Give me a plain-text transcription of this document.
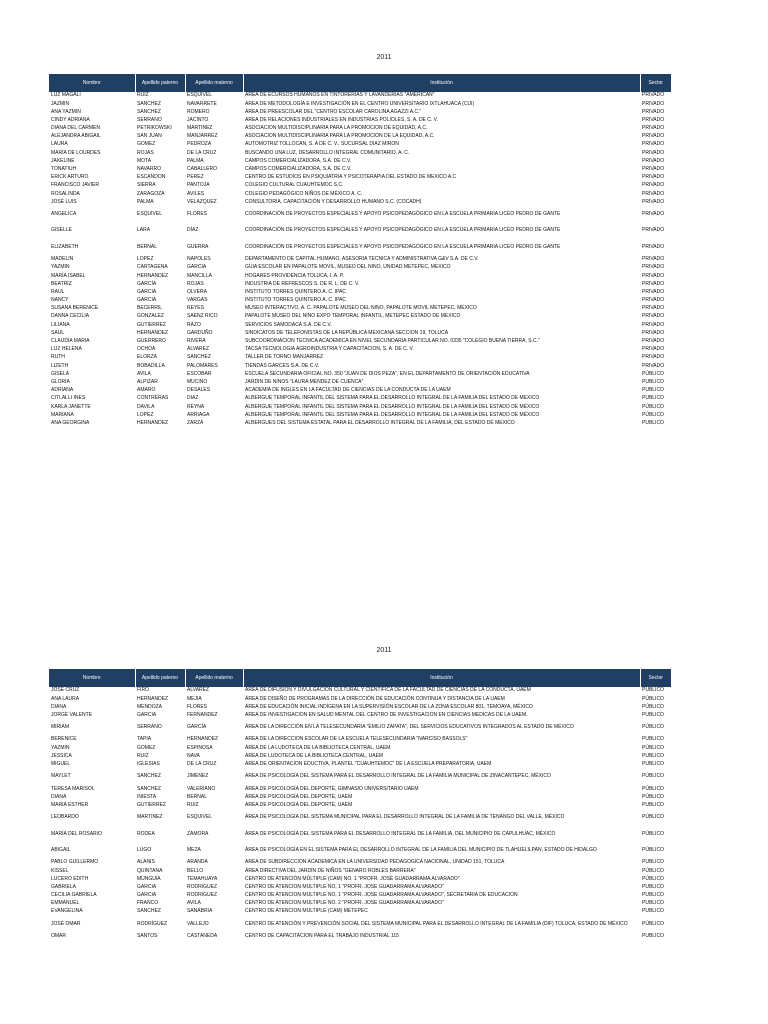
2011
Nombre	Apellido paterno	Apellido materno	Institución	Sector
LUZ MAGALI	RUIZ	ESQUIVEL	ÁREA DE ECURSOS HUMANOS EN TINTORERÍAS Y LAVANDERÍAS "AMERICAN"	PRIVADO
JAZMIN	SANCHEZ	NAVARRETE	ÁREA DE METODOLOGÍA E INVESTIGACIÓN EN EL CENTRO UNIVERSITARIO IXTLAHUACA (CUI)	PRIVADO
ANA YAZMIN	SANCHEZ	ROMERO	ÁREA DE PREESCOLAR DEL "CENTRO ESCOLAR CAROLINA AGAZZI A.C."	PRIVADO
CINDY ADRIANA	SERRANO	JACINTO	ÁREA DE RELACIONES INDUSTRIALES EN INDUSTRIAS POLIOLES, S. A. DE C. V.	PRIVADO
DIANA DEL CARMEN	PETRIKOWSKI	MARTINEZ	ASOCIACIÓN MULTIDISCIPLINARIA PARA LA PROMOCIÓN DE EQUIDAD, A.C.	PRIVADO
ALEJANDRA ABIGAIL	SAN JUAN	MANJARREZ	ASOCIACIÓN MULTIDISCIPLINARIA PARA LA PROMOCIÓN DE LA EQUIDAD, A.C.	PRIVADO
LAURA	GOMEZ	PEDROZA	AUTOMOTRIZ TOLLOCAN, S. A DE C. V., SUCURSAL DÍAZ MIRÓN	PRIVADO
MARÍA DE LOURDES	ROJAS	DE LA CRUZ	BUSCANDO UNA LUZ, DESARROLLO INTEGRAL COMUNITARIO, A. C.	PRIVADO
JAKELINE	MOTA	PALMA	CAMPOS COMERCIALIZADORA, S.A. DE C.V.	PRIVADO
TONATIUH	NAVARRO	CABALLERO	CAMPOS COMERCIALIZADORA, S.A. DE C.V.	PRIVADO
ERICK ARTURO	ESCANDON	PEREZ	CENTRO DE ESTUDIOS EN PSIQUIATRIA Y PSICOTERAPIA DEL ESTADO DE MÉXICO A.C	PRIVADO
FRANCISCO JAVIER	SIERRA	PANTOJA	COLEGIO CULTURAL CUAUHTÉMOC S.C.	PRIVADO
ROSALINDA	ZARAGOZA	AVILES	COLEGIO PEDAGÓGICO NIÑOS DE MÉXICO A. C.	PRIVADO
JOSÉ LUIS	PALMA	VELAZQUEZ	CONSULTORÍA, CAPACITACIÓN Y DESARROLLO HUMANO S.C. (COCADH)	PRIVADO
ANGELICA	ESQUIVEL	FLORES	COORDINACIÓN DE PROYECTOS ESPECIALES Y APOYO PSICOPEDAGÓGICO EN LA ESCUELA PRIMARIA LICEO PEDRO DE GANTE	PRIVADO
GISELLE	LARA	DÍAZ	COORDINACIÓN DE PROYECTOS ESPECIALES Y APOYO PSICOPEDAGÓGICO EN LA ESCUELA PRIMARIA LICEO PEDRO DE GANTE	PRIVADO
ELIZABETH	BERNAL	GUERRA	COORDINACIÓN DE PROYECTOS ESPECIALES Y APOYO PSICOPEDAGÓGICO EN LA ESCUELA PRIMARIA LICEO PEDRO DE GANTE	PRIVADO
MADELIN	LÓPEZ	NAPOLES	DEPARTAMENTO DE CAPITAL HUMANO, ASESORÍA TÉCNICA Y ADMINISTRATIVA G&V S.A. DE C.V.	PRIVADO
YAZMIN	CARTAGENA	GARCÍA	GUÍA ESCOLAR EN PAPALOTE MÓVIL, MUSEO DEL NIÑO, UNIDAD METEPEC, MÉXICO	PRIVADO
MARÍA ISABEL	HERNANDEZ	MANCILLA	HOGARES PROVIDENCIA TOLUCA, I. A. P.	PRIVADO
BEATRIZ	GARCÍA	ROJAS	INDUSTRIA DE REFRESCOS S. DE R. L. DE C. V.	PRIVADO
RAUL	GARCÍA	OLVERA	INSTITUTO TORRES QUINTERO A. C. IPAC	PRIVADO
NANCY	GARCÍA	VARGAS	INSTITUTO TORRES QUINTERO A. C. IPAC	PRIVADO
SUSANA BERENICE	BECERRIL	REYES	MUSEO INTERACTIVO, A. C. PAPALOTE MUSEO DEL NIÑO, PAPALOTE MÓVIL METEPEC, MÉXICO	PRIVADO
DANNA CECILIA	GONZALEZ	SAENZ RICO	PAPALOTE MUSEO DEL NIÑO EXPO TEMPORAL INFANTIL, METEPEC ESTADO DE MÉXICO	PRIVADO
LILIANA	GUTIERREZ	RAZO	SERVICIOS SAMODACA S.A. DE C.V.	PRIVADO
SAUL	HERNANDEZ	GARDUÑO	SINDICATOS DE TELEFONISTAS DE LA REPÚBLICA MEXICANA SECCION 19, TOLUCA	PRIVADO
CLAUDIA MARÍA	GUERRERO	RIVERA	SUBCOORDINACIÓN TÉCNICA ACADÉMICA EN NIVEL SECUNDARIA PARTICULAR NO. 0335 "COLEGIO BUENA TIERRA, S.C."	PRIVADO
LUZ HELENA	OCHOA	ALVAREZ	TACSA TECNOLOGÍA AGROINDUSTRIA Y CAPACITACIÓN, S. A. DE C. V.	PRIVADO
RUTH	ELORZA	SANCHEZ	TALLER DE TORNO MANJARREZ	PRIVADO
LIZETH	BOBADILLA	PALOMARES	TIENDAS GARCES S.A. DE C.V.	PRIVADO
GISELA	AVILA	ESCOBAR	ESCUELA SECUNDARIA OFICIAL NO. 350 "JUAN DE DIOS PEZA", EN EL DEPARTAMENTO DE ORIENTACIÓN EDUCATIVA	PÚBLICO
GLORIA	ALPIZAR	MUCIÑO	JARDÍN DE NIÑOS "LAURA MÉNDEZ DE CUENCA"	PÚBLICO
ADRIANA	AMARO	DESALES	ACADEMIA DE INGLÉS EN LA FACULTAD DE CIENCIAS DE LA CONDUCTA DE LA UAEM	PÚBLICO
CITLALLI INES	CONTRERAS	DÍAZ	ALBERGUE TEMPORAL INFANTIL DEL SISTEMA PARA EL DESARROLLO INTEGRAL DE LA FAMILIA DEL ESTADO DE MÉXICO	PÚBLICO
KARLA JANETTE	DAVILA	REYNA	ALBERGUE TEMPORAL INFANTIL DEL SISTEMA PARA EL DESARROLLO INTEGRAL DE LA FAMILIA DEL ESTADO DE MÉXICO	PÚBLICO
MARIANA	LOPEZ	ARRIAGA	ALBERGUE TEMPORAL INFANTIL DEL SISTEMA PARA EL DESARROLLO INTEGRAL DE LA FAMILIA DEL ESTADO DE MÉXICO	PÚBLICO
ANA GEORGINA	HERNANDEZ	ZARZA	ALBERGUES DEL SISTEMA ESTATAL PARA EL DESARROLLO INTEGRAL DE LA FAMILIA, DEL ESTADO DE MÉXICO	PÚBLICO
2011
Nombre	Apellido paterno	Apellido materno	Institución	Sector
JOSE CRUZ	FIRO	ALVAREZ	ÁREA DE DIFUSIÓN Y DIVULGACIÓN CULTURAL Y CIENTÍFICA DE LA FACULTAD DE CIENCIAS DE LA CONDUCTA, UAEM	PÚBLICO
ANA LAURA	HERNANDEZ	MEJIA	ÁREA DE DISEÑO DE PROGRAMAS DE LA DIRECCIÓN DE EDUCACIÓN CONTINUA Y DISTANCIA DE LA UAEM	PÚBLICO
DIANA	MENDOZA	FLORES	ÁREA DE EDUCACIÓN INICIAL INDÍGENA EN LA SUPERVISIÓN ESCOLAR DE LA ZONA ESCOLAR 801, TEMOAYA, MÉXICO	PÚBLICO
JORGE VALENTE	GARCÍA	FERNÁNDEZ	ÁREA DE INVESTIGACIÓN EN SALUD MENTAL DEL CENTRO DE INVESTIGACIÓN EN CIENCIAS MÉDICAS DE LA UAEM.	PÚBLICO
MIRIAM	SERRANO	GARCÍA	ÁREA DE LA DIRECCIÓN EN LA TELESECUNDARIA "EMILIO ZAPATA", DEL SERVICIOS EDUCATIVOS INTEGRADOS AL ESTADO DE MÉXICO	PÚBLICO
BERENICE	TAPIA	HERNÁNDEZ	ÁREA DE LA DIRECCIÓN ESCOLAR DE LA ESCUELA TELESECUNDARIA "NARCISO BASSOLS"	PÚBLICO
YAZMIN	GOMEZ	ESPINOSA	ÁREA DE LA LUDOTECA DE LA BIBLIOTECA CENTRAL, UAEM	PÚBLICO
JESSICA	RUIZ	NAVA	ÁREA DE LUDOTECA DE LA BIBLIOTECA CENTRAL, UAEM	PÚBLICO
MIGUEL	IGLESIAS	DE LA CRUZ	ÁREA DE ORIENTACIÓN EDUCTIVA, PLANTEL "CUAUHTÉMOC" DE LA ESCUELA PREPARATORIA, UAEM	PÚBLICO
MAYLET	SANCHEZ	JIMENEZ	ÁREA DE PSICOLOGÍA DEL SISTEMA PARA EL DESARROLLO INTEGRAL DE LA FAMILIA MUNICIPAL DE ZINACANTEPEC, MÉXICO	PÚBLICO
TERESA MARISOL	SANCHEZ	VALERIANO	ÁREA DE PSICOLOGÍA DEL DEPORTE, GIMNASIO UNIVERSITARIO UAEM	PÚBLICO
DIANA	INIESTA	BERNAL	ÁREA DE PSICOLOGÍA DEL DEPORTE, UAEM	PÚBLICO
MARÍA ESTHER	GUTIERREZ	RUIZ	ÁREA DE PSICOLOGÍA DEL DEPORTE, UAEM	PÚBLICO
LEOBARDO	MARTINEZ	ESQUIVEL	ÁREA DE PSICOLOGÍA DEL SISTEMA MUNICIPAL PARA EL DESARROLLO INTEGRAL DE LA FAMILIA DE TENANGO DEL VALLE, MÉXICO	PÚBLICO
MARÍA DEL ROSARIO	RODEA	ZAMORA	ÁREA DE PSICOLOGÍA DEL SISTEMA PARA EL DESARROLLO INTEGRAL DE LA FAMILIA, DEL MUNICIPIO DE CAPULHUAC, MÉXICO	PÚBLICO
ABIGAIL	LUGO	MEZA	ÁREA DE PSICOLOGÍA EN EL SISTEMA PARA EL DESARROLLO INTEGRAL DE LA FAMILIA DEL MUNICIPIO DE TLAHUELILPAN, ESTADO DE HIDALGO	PÚBLICO
PABLO GUILLERMO	ALANIS	ARANDA	ÁREA DE SUBDIRECCIÓN ACADÉMICA EN LA UNIVERSIDAD PEDAGÓGICA NACIONAL, UNIDAD 151, TOLUCA	PÚBLICO
KISSEL	QUINTANA	BELLO	ÁREA DIRECTIVA DEL JARDÍN DE NIÑOS "GENARO ROBLES BARRERA"	PÚBLICO
LUCERO EDITH	MUNGUÍA	TEMAHUAYA	CENTRO DE ATENCIÓN MÚLTIPLE (CAM) NO. 1 "PROFR. JOSÉ GUADARRAMA ALVARADO"	PÚBLICO
GABRIELA	GARCÍA	RODRÍGUEZ	CENTRO DE ATENCIÓN MÚLTIPLE NO. 1 "PROFR. JOSÉ GUADARRAMA ALVARADO"	PÚBLICO
CECILIA GABRIELA	GARCÍA	RODRÍGUEZ	CENTRO DE ATENCIÓN MÚLTIPLE NO. 1 "PROFR. JOSÉ GUADARRAMA ALVARADO", SECRETARÍA DE EDUCACIÓN	PÚBLICO
EMMANUEL	FRANCO	AVILA	CENTRO DE ATENCIÓN MÚLTIPLE NO. 2 "PROFR. JOSÉ GUADARRAMA ALVARADO"	PÚBLICO
EVANGELINA	SANCHEZ	SANABRIA	CENTRO DE ATENCIÓN MÚLTIPLE (CAM) METEPEC	PÚBLICO
JOSÉ OMAR	RODRÍGUEZ	VALLEJO	CENTRO DE ATENCIÓN Y PREVENCIÓN SOCIAL DEL SISTEMA MUNICIPAL PARA EL DESARROLLO INTEGRAL DE LA FAMILIA (DIF) TOLUCA, ESTADO DE MÉXICO	PÚBLICO
OMAR	SANTOS	CASTAÑEDA	CENTRO DE CAPACITACIÓN PARA EL TRABAJO INDUSTRIAL 115	PÚBLICO
